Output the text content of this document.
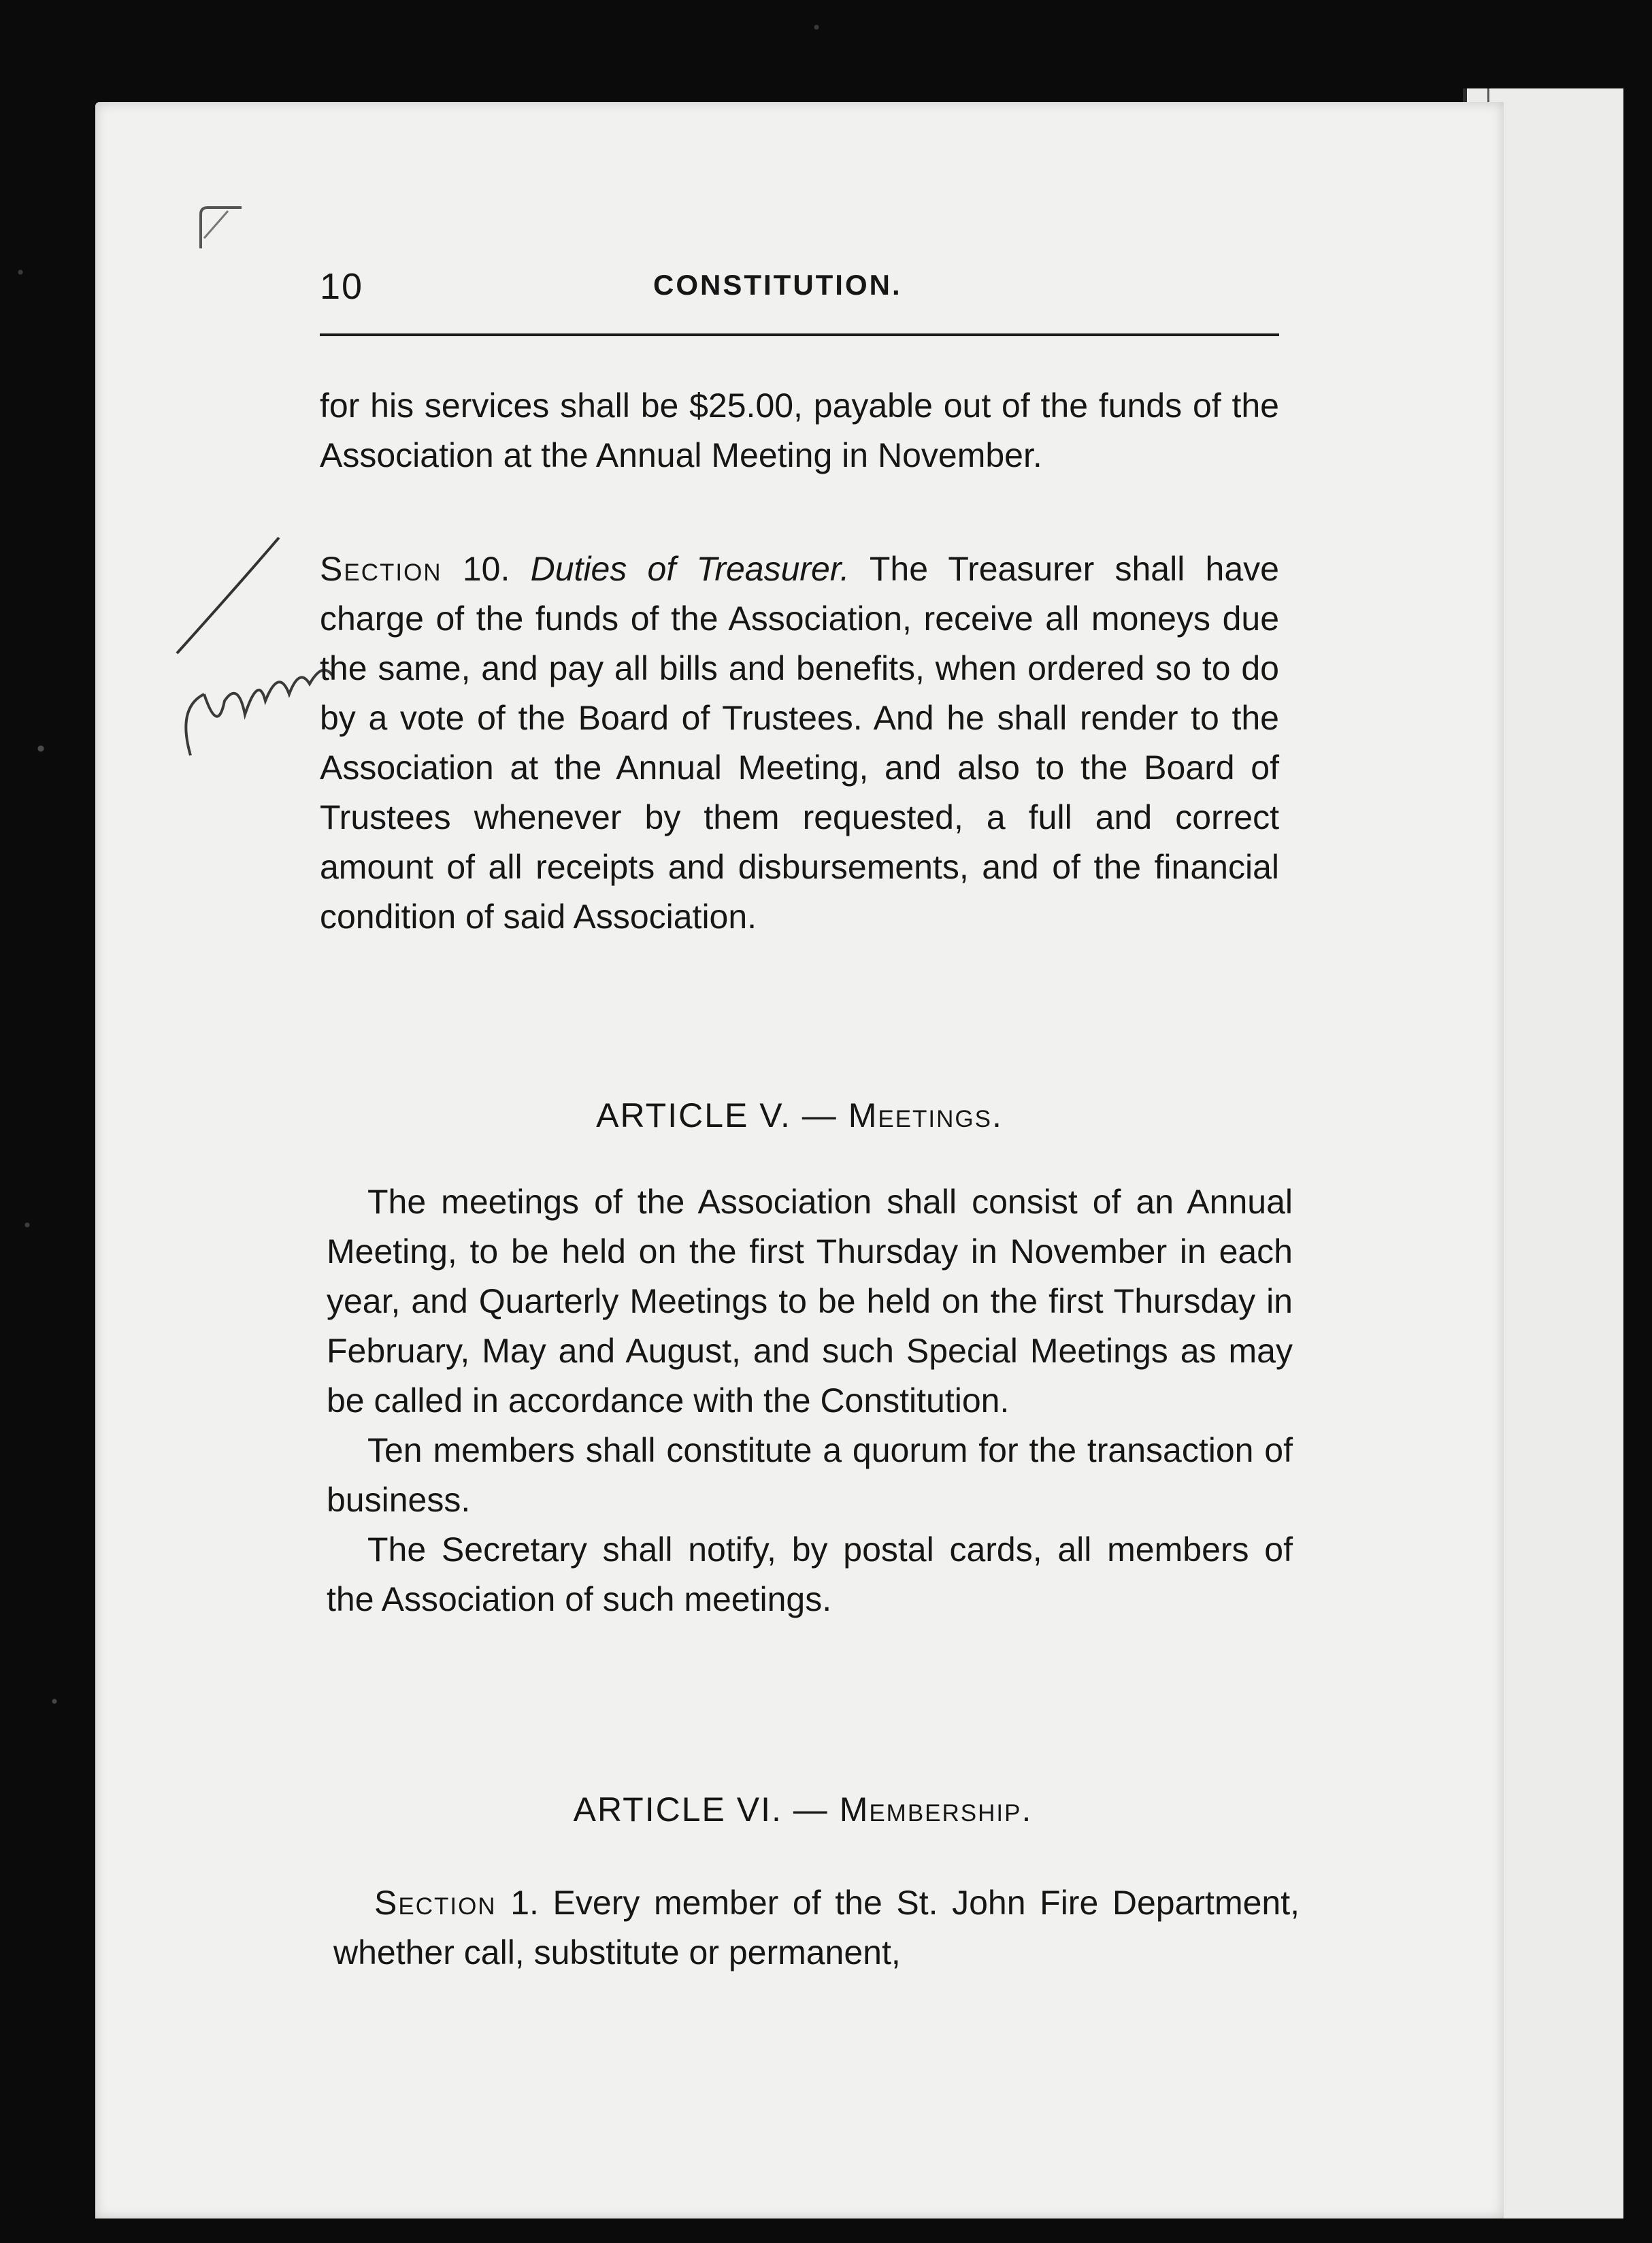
10	CONSTITUTION.

for his services shall be $25.00, payable out of the funds of the Association at the Annual Meeting in November.

Section 10. Duties of Treasurer. The Treasurer shall have charge of the funds of the Association, receive all moneys due the same, and pay all bills and benefits, when ordered so to do by a vote of the Board of Trustees. And he shall render to the Association at the Annual Meeting, and also to the Board of Trustees whenever by them requested, a full and correct amount of all receipts and disbursements, and of the financial condition of said Association.

ARTICLE V. — Meetings.

The meetings of the Association shall consist of an Annual Meeting, to be held on the first Thursday in November in each year, and Quarterly Meetings to be held on the first Thursday in February, May and August, and such Special Meetings as may be called in accordance with the Constitution.

Ten members shall constitute a quorum for the transaction of business.

The Secretary shall notify, by postal cards, all members of the Association of such meetings.

ARTICLE VI. — Membership.

Section 1. Every member of the St. John Fire Department, whether call, substitute or permanent,
